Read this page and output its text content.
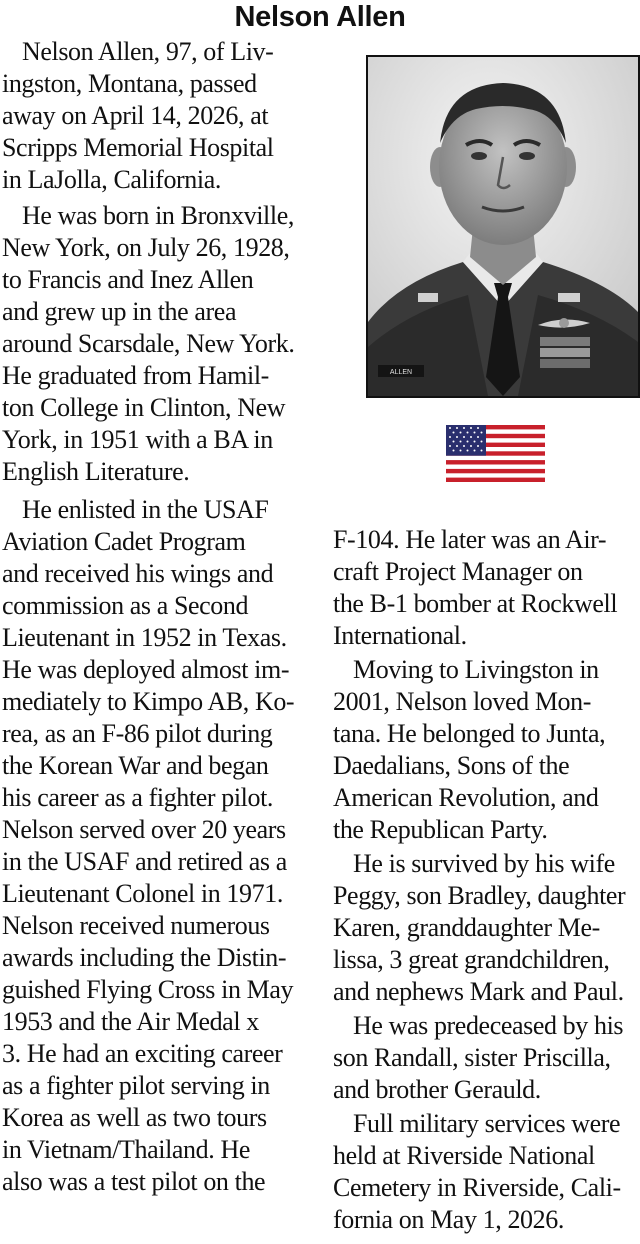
Nelson Allen
Nelson Allen, 97, of Liv-
ingston, Montana, passed
away on April 14, 2026, at
Scripps Memorial Hospital
in LaJolla, California.
He was born in Bronxville,
New York, on July 26, 1928,
to Francis and Inez Allen
and grew up in the area
around Scarsdale, New York.
He graduated from Hamil-
ton College in Clinton, New
York, in 1951 with a BA in
English Literature.
He enlisted in the USAF
Aviation Cadet Program
and received his wings and
commission as a Second
Lieutenant in 1952 in Texas.
He was deployed almost im-
mediately to Kimpo AB, Ko-
rea, as an F-86 pilot during
the Korean War and began
his career as a fighter pilot.
Nelson served over 20 years
in the USAF and retired as a
Lieutenant Colonel in 1971.
Nelson received numerous
awards including the Distin-
guished Flying Cross in May
1953 and the Air Medal x
3. He had an exciting career
as a fighter pilot serving in
Korea as well as two tours
in Vietnam/Thailand. He
also was a test pilot on the
ALLEN
F-104. He later was an Air-
craft Project Manager on
the B-1 bomber at Rockwell
International.
Moving to Livingston in
2001, Nelson loved Mon-
tana. He belonged to Junta,
Daedalians, Sons of the
American Revolution, and
the Republican Party.
He is survived by his wife
Peggy, son Bradley, daughter
Karen, granddaughter Me-
lissa, 3 great grandchildren,
and nephews Mark and Paul.
He was predeceased by his
son Randall, sister Priscilla,
and brother Gerauld.
Full military services were
held at Riverside National
Cemetery in Riverside, Cali-
fornia on May 1, 2026.
